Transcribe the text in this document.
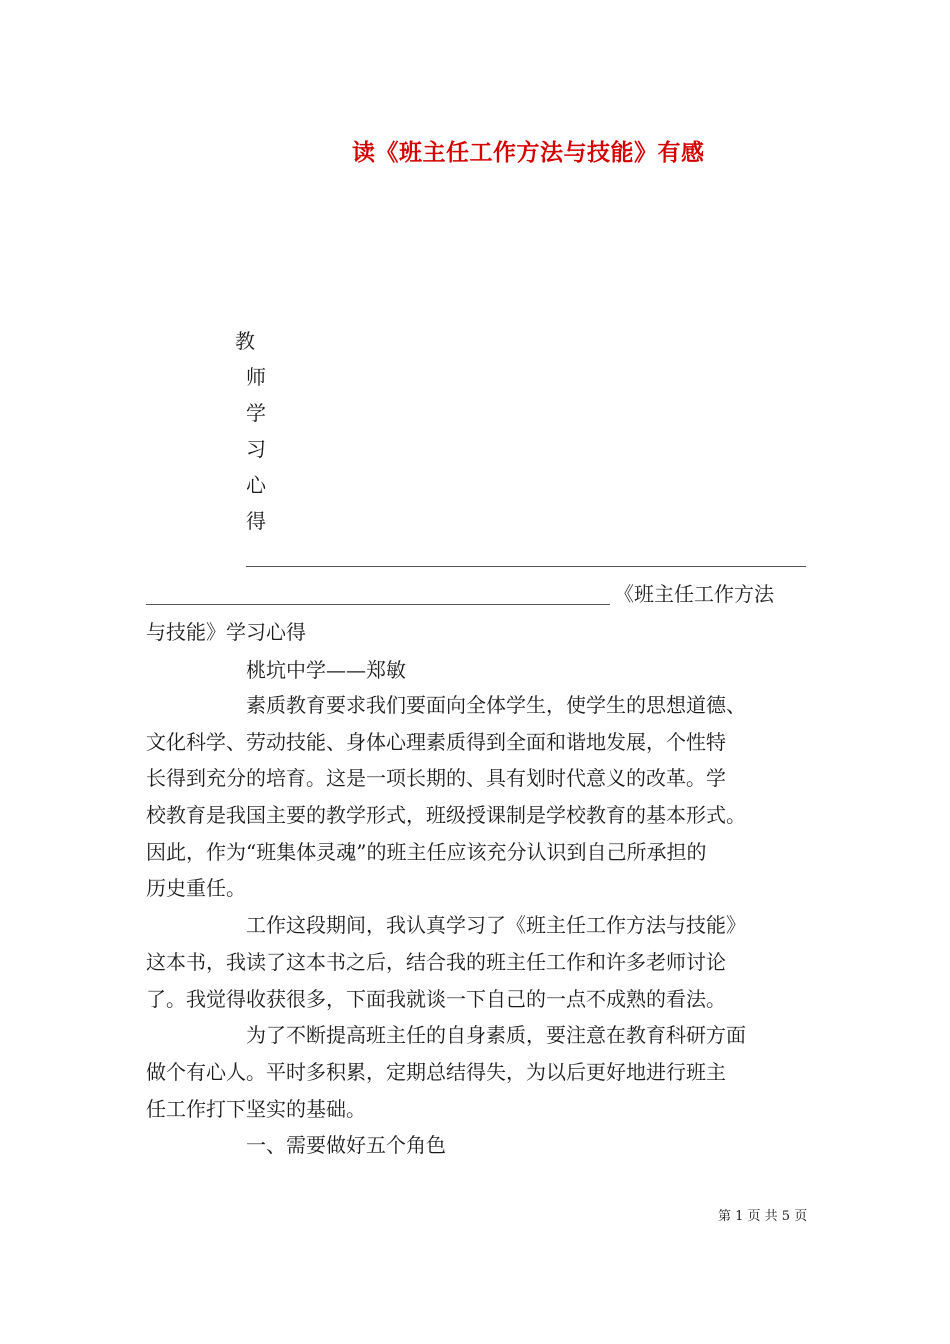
读《班主任工作方法与技能》有感
教
师
学
习
心
得
《班主任工作方法
与技能》学习心得
桃坑中学——郑敏
素质教育要求我们要面向全体学生，使学生的思想道德、
文化科学、劳动技能、身体心理素质得到全面和谐地发展，个性特
长得到充分的培育。这是一项长期的、具有划时代意义的改革。学
校教育是我国主要的教学形式，班级授课制是学校教育的基本形式。
因此，作为“班集体灵魂”的班主任应该充分认识到自己所承担的
历史重任。
工作这段期间，我认真学习了《班主任工作方法与技能》
这本书，我读了这本书之后，结合我的班主任工作和许多老师讨论
了。我觉得收获很多，下面我就谈一下自己的一点不成熟的看法。
为了不断提高班主任的自身素质，要注意在教育科研方面
做个有心人。平时多积累，定期总结得失，为以后更好地进行班主
任工作打下坚实的基础。
一、需要做好五个角色
第 1 页 共 5 页
